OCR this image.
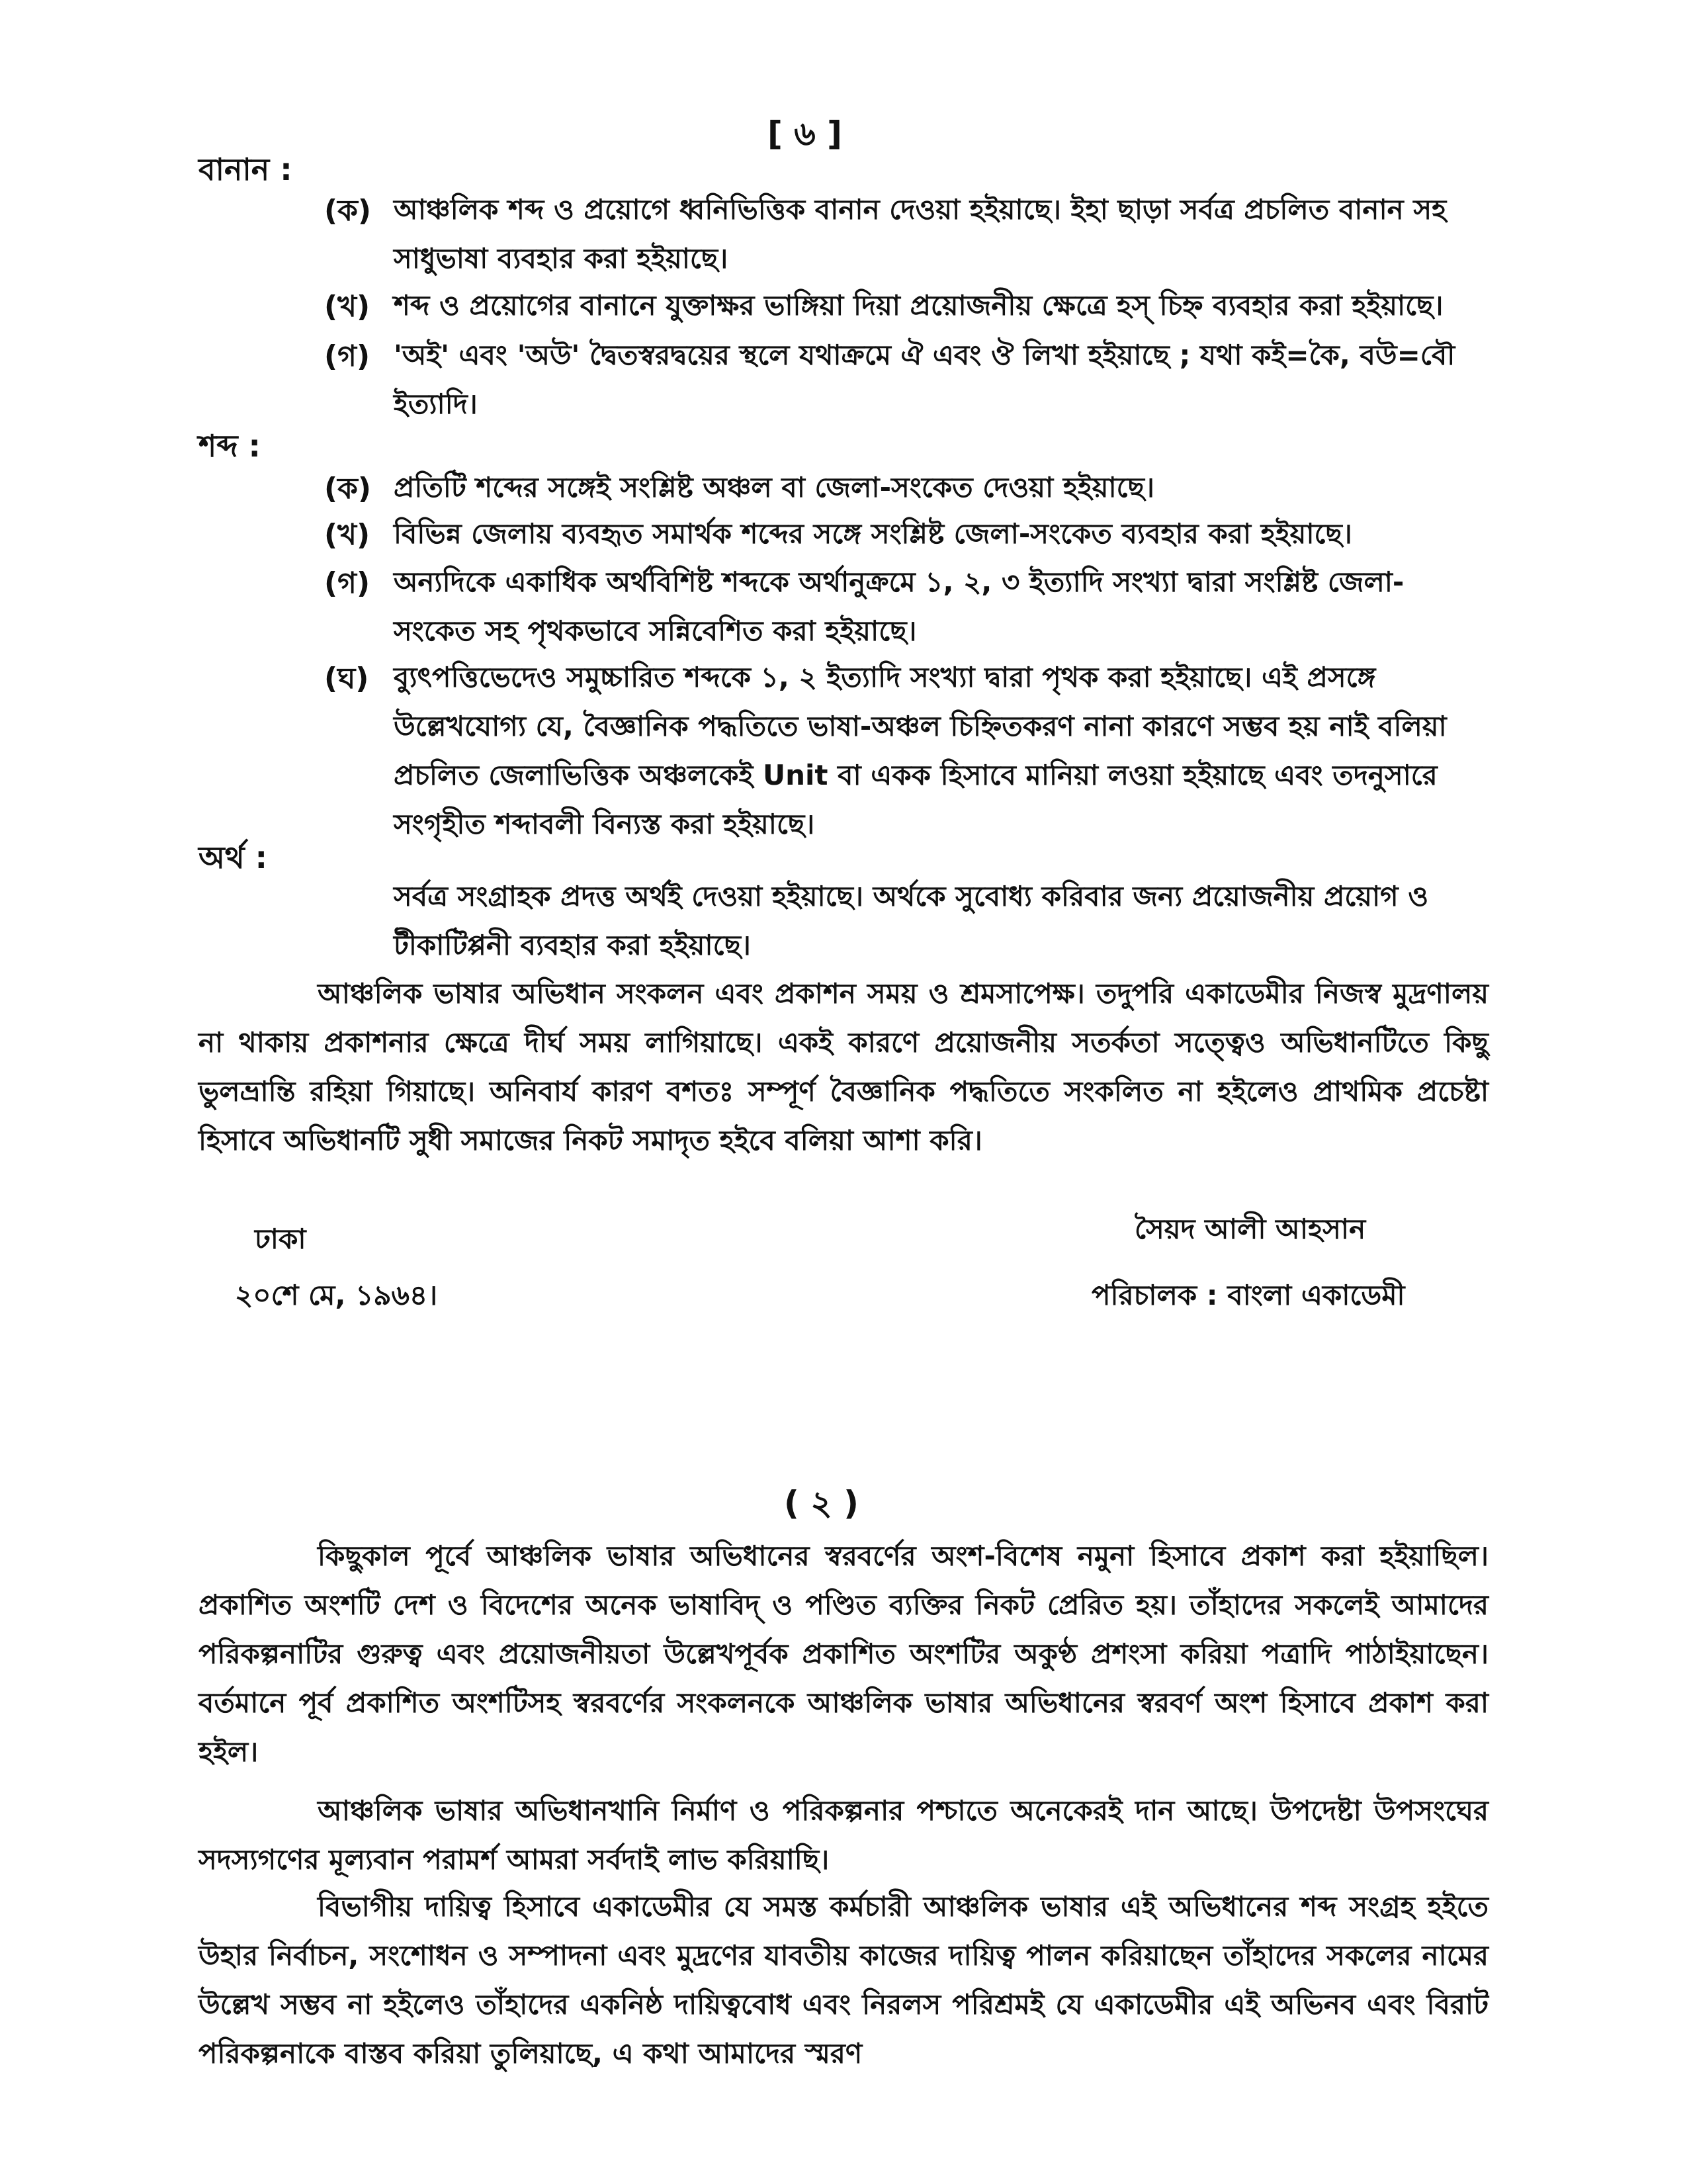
[ ৬ ]
বানান :
(ক) আঞ্চলিক শব্দ ও প্রয়োগে ধ্বনিভিত্তিক বানান দেওয়া হইয়াছে। ইহা ছাড়া সর্বত্র প্রচলিত বানান সহ সাধুভাষা ব্যবহার করা হইয়াছে।
(খ) শব্দ ও প্রয়োগের বানানে যুক্তাক্ষর ভাঙ্গিয়া দিয়া প্রয়োজনীয় ক্ষেত্রে হস্ চিহ্ন ব্যবহার করা হইয়াছে।
(গ) 'অই' এবং 'অউ' দ্বৈতস্বরদ্বয়ের স্থলে যথাক্রমে ঐ এবং ঔ লিখা হইয়াছে ; যথা কই=কৈ, বউ=বৌ ইত্যাদি।
শব্দ :
(ক) প্রতিটি শব্দের সঙ্গেই সংশ্লিষ্ট অঞ্চল বা জেলা-সংকেত দেওয়া হইয়াছে।
(খ) বিভিন্ন জেলায় ব্যবহৃত সমার্থক শব্দের সঙ্গে সংশ্লিষ্ট জেলা-সংকেত ব্যবহার করা হইয়াছে।
(গ) অন্যদিকে একাধিক অর্থবিশিষ্ট শব্দকে অর্থানুক্রমে ১, ২, ৩ ইত্যাদি সংখ্যা দ্বারা সংশ্লিষ্ট জেলা-সংকেত সহ পৃথকভাবে সন্নিবেশিত করা হইয়াছে।
(ঘ) ব্যুৎপত্তিভেদেও সমুচ্চারিত শব্দকে ১, ২ ইত্যাদি সংখ্যা দ্বারা পৃথক করা হইয়াছে। এই প্রসঙ্গে উল্লেখযোগ্য যে, বৈজ্ঞানিক পদ্ধতিতে ভাষা-অঞ্চল চিহ্নিতকরণ নানা কারণে সম্ভব হয় নাই বলিয়া প্রচলিত জেলাভিত্তিক অঞ্চলকেই Unit বা একক হিসাবে মানিয়া লওয়া হইয়াছে এবং তদনুসারে সংগৃহীত শব্দাবলী বিন্যস্ত করা হইয়াছে।
অর্থ :
সর্বত্র সংগ্রাহক প্রদত্ত অর্থই দেওয়া হইয়াছে। অর্থকে সুবোধ্য করিবার জন্য প্রয়োজনীয় প্রয়োগ ও টীকাটিপ্পনী ব্যবহার করা হইয়াছে।
আঞ্চলিক ভাষার অভিধান সংকলন এবং প্রকাশন সময় ও শ্রমসাপেক্ষ। তদুপরি একাডেমীর নিজস্ব মুদ্রণালয় না থাকায় প্রকাশনার ক্ষেত্রে দীর্ঘ সময় লাগিয়াছে। একই কারণে প্রয়োজনীয় সতর্কতা সত্ত্বেও অভিধানটিতে কিছু ভুলভ্রান্তি রহিয়া গিয়াছে। অনিবার্য কারণ বশতঃ সম্পূর্ণ বৈজ্ঞানিক পদ্ধতিতে সংকলিত না হইলেও প্রাথমিক প্রচেষ্টা হিসাবে অভিধানটি সুধী সমাজের নিকট সমাদৃত হইবে বলিয়া আশা করি।
ঢাকা
২০শে মে, ১৯৬৪।
সৈয়দ আলী আহসান
পরিচালক : বাংলা একাডেমী
( ২ )
কিছুকাল পূর্বে আঞ্চলিক ভাষার অভিধানের স্বরবর্ণের অংশ-বিশেষ নমুনা হিসাবে প্রকাশ করা হইয়াছিল। প্রকাশিত অংশটি দেশ ও বিদেশের অনেক ভাষাবিদ্ ও পণ্ডিত ব্যক্তির নিকট প্রেরিত হয়। তাঁহাদের সকলেই আমাদের পরিকল্পনাটির গুরুত্ব এবং প্রয়োজনীয়তা উল্লেখপূর্বক প্রকাশিত অংশটির অকুণ্ঠ প্রশংসা করিয়া পত্রাদি পাঠাইয়াছেন। বর্তমানে পূর্ব প্রকাশিত অংশটিসহ স্বরবর্ণের সংকলনকে আঞ্চলিক ভাষার অভিধানের স্বরবর্ণ অংশ হিসাবে প্রকাশ করা হইল।
আঞ্চলিক ভাষার অভিধানখানি নির্মাণ ও পরিকল্পনার পশ্চাতে অনেকেরই দান আছে। উপদেষ্টা উপসংঘের সদস্যগণের মূল্যবান পরামর্শ আমরা সর্বদাই লাভ করিয়াছি।
বিভাগীয় দায়িত্ব হিসাবে একাডেমীর যে সমস্ত কর্মচারী আঞ্চলিক ভাষার এই অভিধানের শব্দ সংগ্রহ হইতে উহার নির্বাচন, সংশোধন ও সম্পাদনা এবং মুদ্রণের যাবতীয় কাজের দায়িত্ব পালন করিয়াছেন তাঁহাদের সকলের নামের উল্লেখ সম্ভব না হইলেও তাঁহাদের একনিষ্ঠ দায়িত্ববোধ এবং নিরলস পরিশ্রমই যে একাডেমীর এই অভিনব এবং বিরাট পরিকল্পনাকে বাস্তব করিয়া তুলিয়াছে, এ কথা আমাদের স্মরণ
